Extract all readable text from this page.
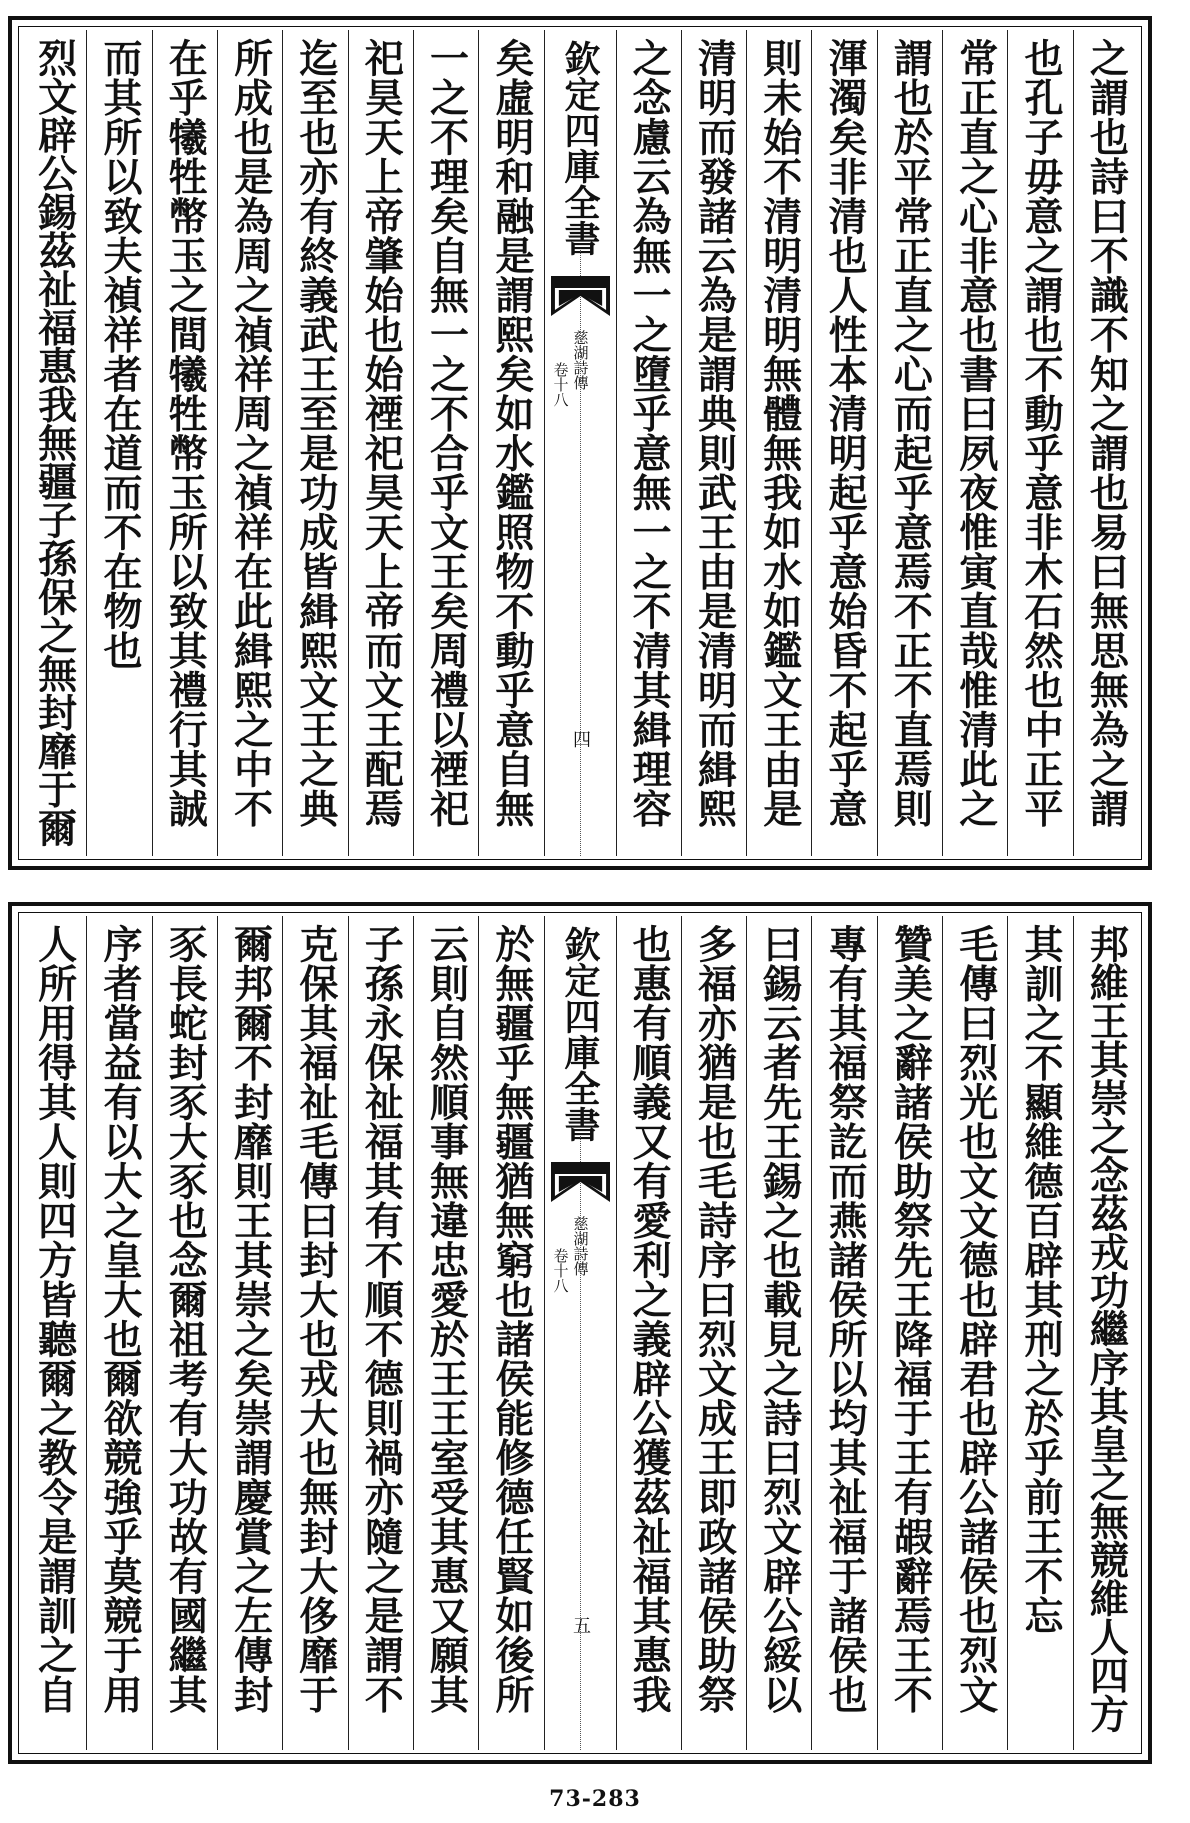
之謂也詩曰不識不知之謂也易曰無思無為之謂
也孔子毋意之謂也不動乎意非木石然也中正平
常正直之心非意也書曰夙夜惟寅直哉惟清此之
謂也於平常正直之心而起乎意焉不正不直焉則
渾濁矣非清也人性本清明起乎意始昏不起乎意
則未始不清明清明無體無我如水如鑑文王由是
清明而發諸云為是謂典則武王由是清明而緝熙
之念慮云為無一之墮乎意無一之不清其緝理容
欽定四庫全書
慈湖詩傳
卷十八
四
矣虛明和融是謂熙矣如水鑑照物不動乎意自無
一之不理矣自無一之不合乎文王矣周禮以禋祀
祀昊天上帝肇始也始禋祀昊天上帝而文王配焉
迄至也亦有終義武王至是功成皆緝熙文王之典
所成也是為周之禎祥周之禎祥在此緝熙之中不
在乎犧牲幣玉之間犧牲幣玉所以致其禮行其誠
而其所以致夫禎祥者在道而不在物也
烈文辟公錫茲祉福惠我無疆子孫保之無封靡于爾
邦維王其崇之念茲戎功繼序其皇之無競維人四方
其訓之不顯維德百辟其刑之於乎前王不忘
毛傳曰烈光也文文德也辟君也辟公諸侯也烈文
贊美之辭諸侯助祭先王降福于王有嘏辭焉王不
專有其福祭訖而燕諸侯所以均其祉福于諸侯也
曰錫云者先王錫之也載見之詩曰烈文辟公綏以
多福亦猶是也毛詩序曰烈文成王即政諸侯助祭
也惠有順義又有愛利之義辟公獲茲祉福其惠我
欽定四庫全書
慈湖詩傳
卷十八
五
於無疆乎無疆猶無窮也諸侯能修德任賢如後所
云則自然順事無違忠愛於王王室受其惠又願其
子孫永保祉福其有不順不德則禍亦隨之是謂不
克保其福祉毛傳曰封大也戎大也無封大侈靡于
爾邦爾不封靡則王其崇之矣崇謂慶賞之左傳封
豕長蛇封豕大豕也念爾祖考有大功故有國繼其
序者當益有以大之皇大也爾欲競強乎莫競于用
人所用得其人則四方皆聽爾之教令是謂訓之自
73-283
